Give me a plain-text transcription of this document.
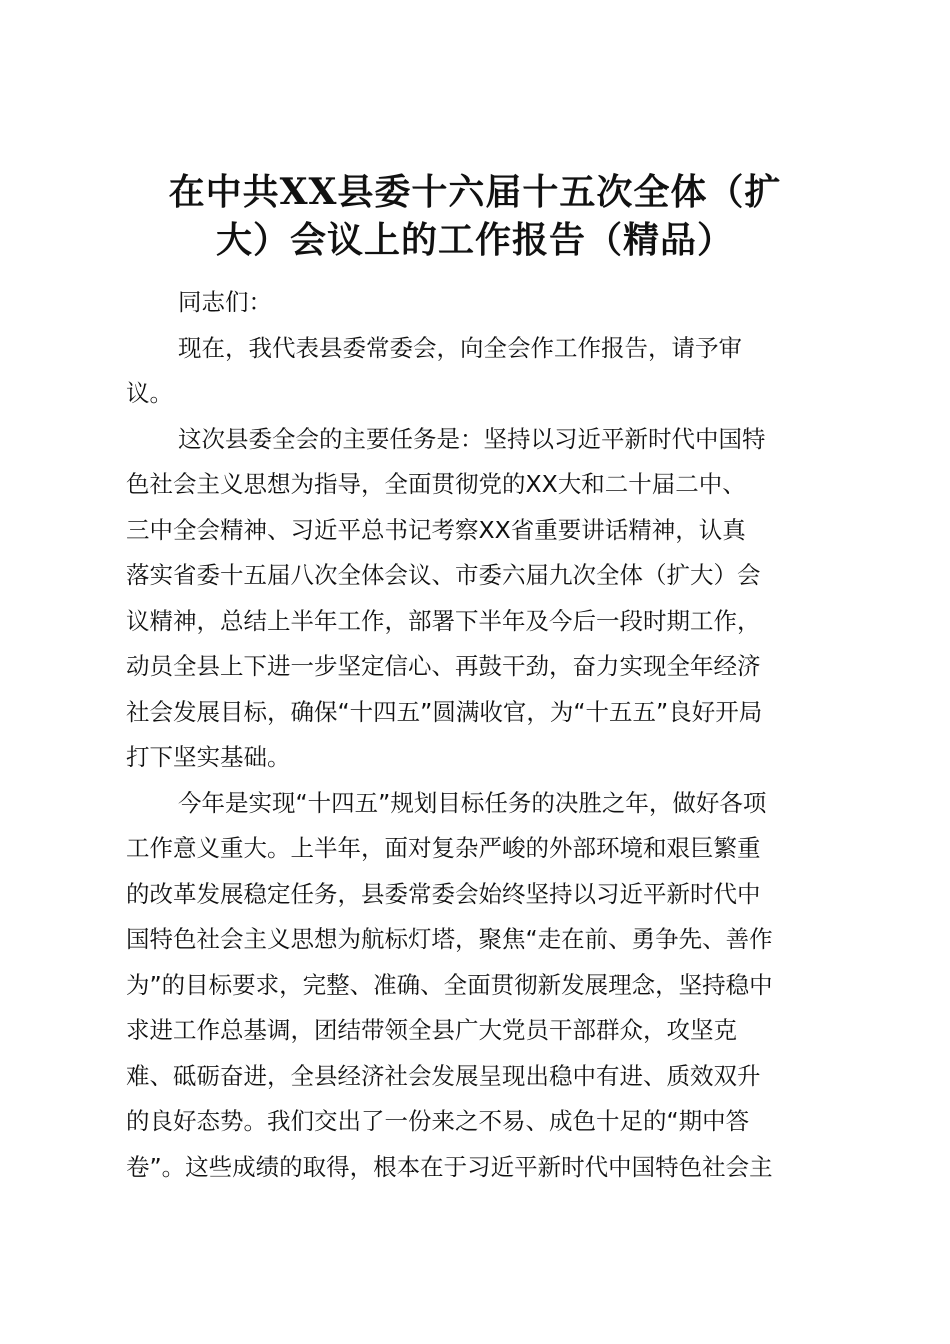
在中共XX县委十六届十五次全体（扩
大）会议上的工作报告（精品）

同志们：

现在，我代表县委常委会，向全会作工作报告，请予审
议。

这次县委全会的主要任务是：坚持以习近平新时代中国特
色社会主义思想为指导，全面贯彻党的XX大和二十届二中、
三中全会精神、习近平总书记考察XX省重要讲话精神，认真
落实省委十五届八次全体会议、市委六届九次全体（扩大）会
议精神，总结上半年工作，部署下半年及今后一段时期工作，
动员全县上下进一步坚定信心、再鼓干劲，奋力实现全年经济
社会发展目标，确保“十四五”圆满收官，为“十五五”良好开局
打下坚实基础。

今年是实现“十四五”规划目标任务的决胜之年，做好各项
工作意义重大。上半年，面对复杂严峻的外部环境和艰巨繁重
的改革发展稳定任务，县委常委会始终坚持以习近平新时代中
国特色社会主义思想为航标灯塔，聚焦“走在前、勇争先、善作
为”的目标要求，完整、准确、全面贯彻新发展理念，坚持稳中
求进工作总基调，团结带领全县广大党员干部群众，攻坚克
难、砥砺奋进，全县经济社会发展呈现出稳中有进、质效双升
的良好态势。我们交出了一份来之不易、成色十足的“期中答
卷”。这些成绩的取得，根本在于习近平新时代中国特色社会主
